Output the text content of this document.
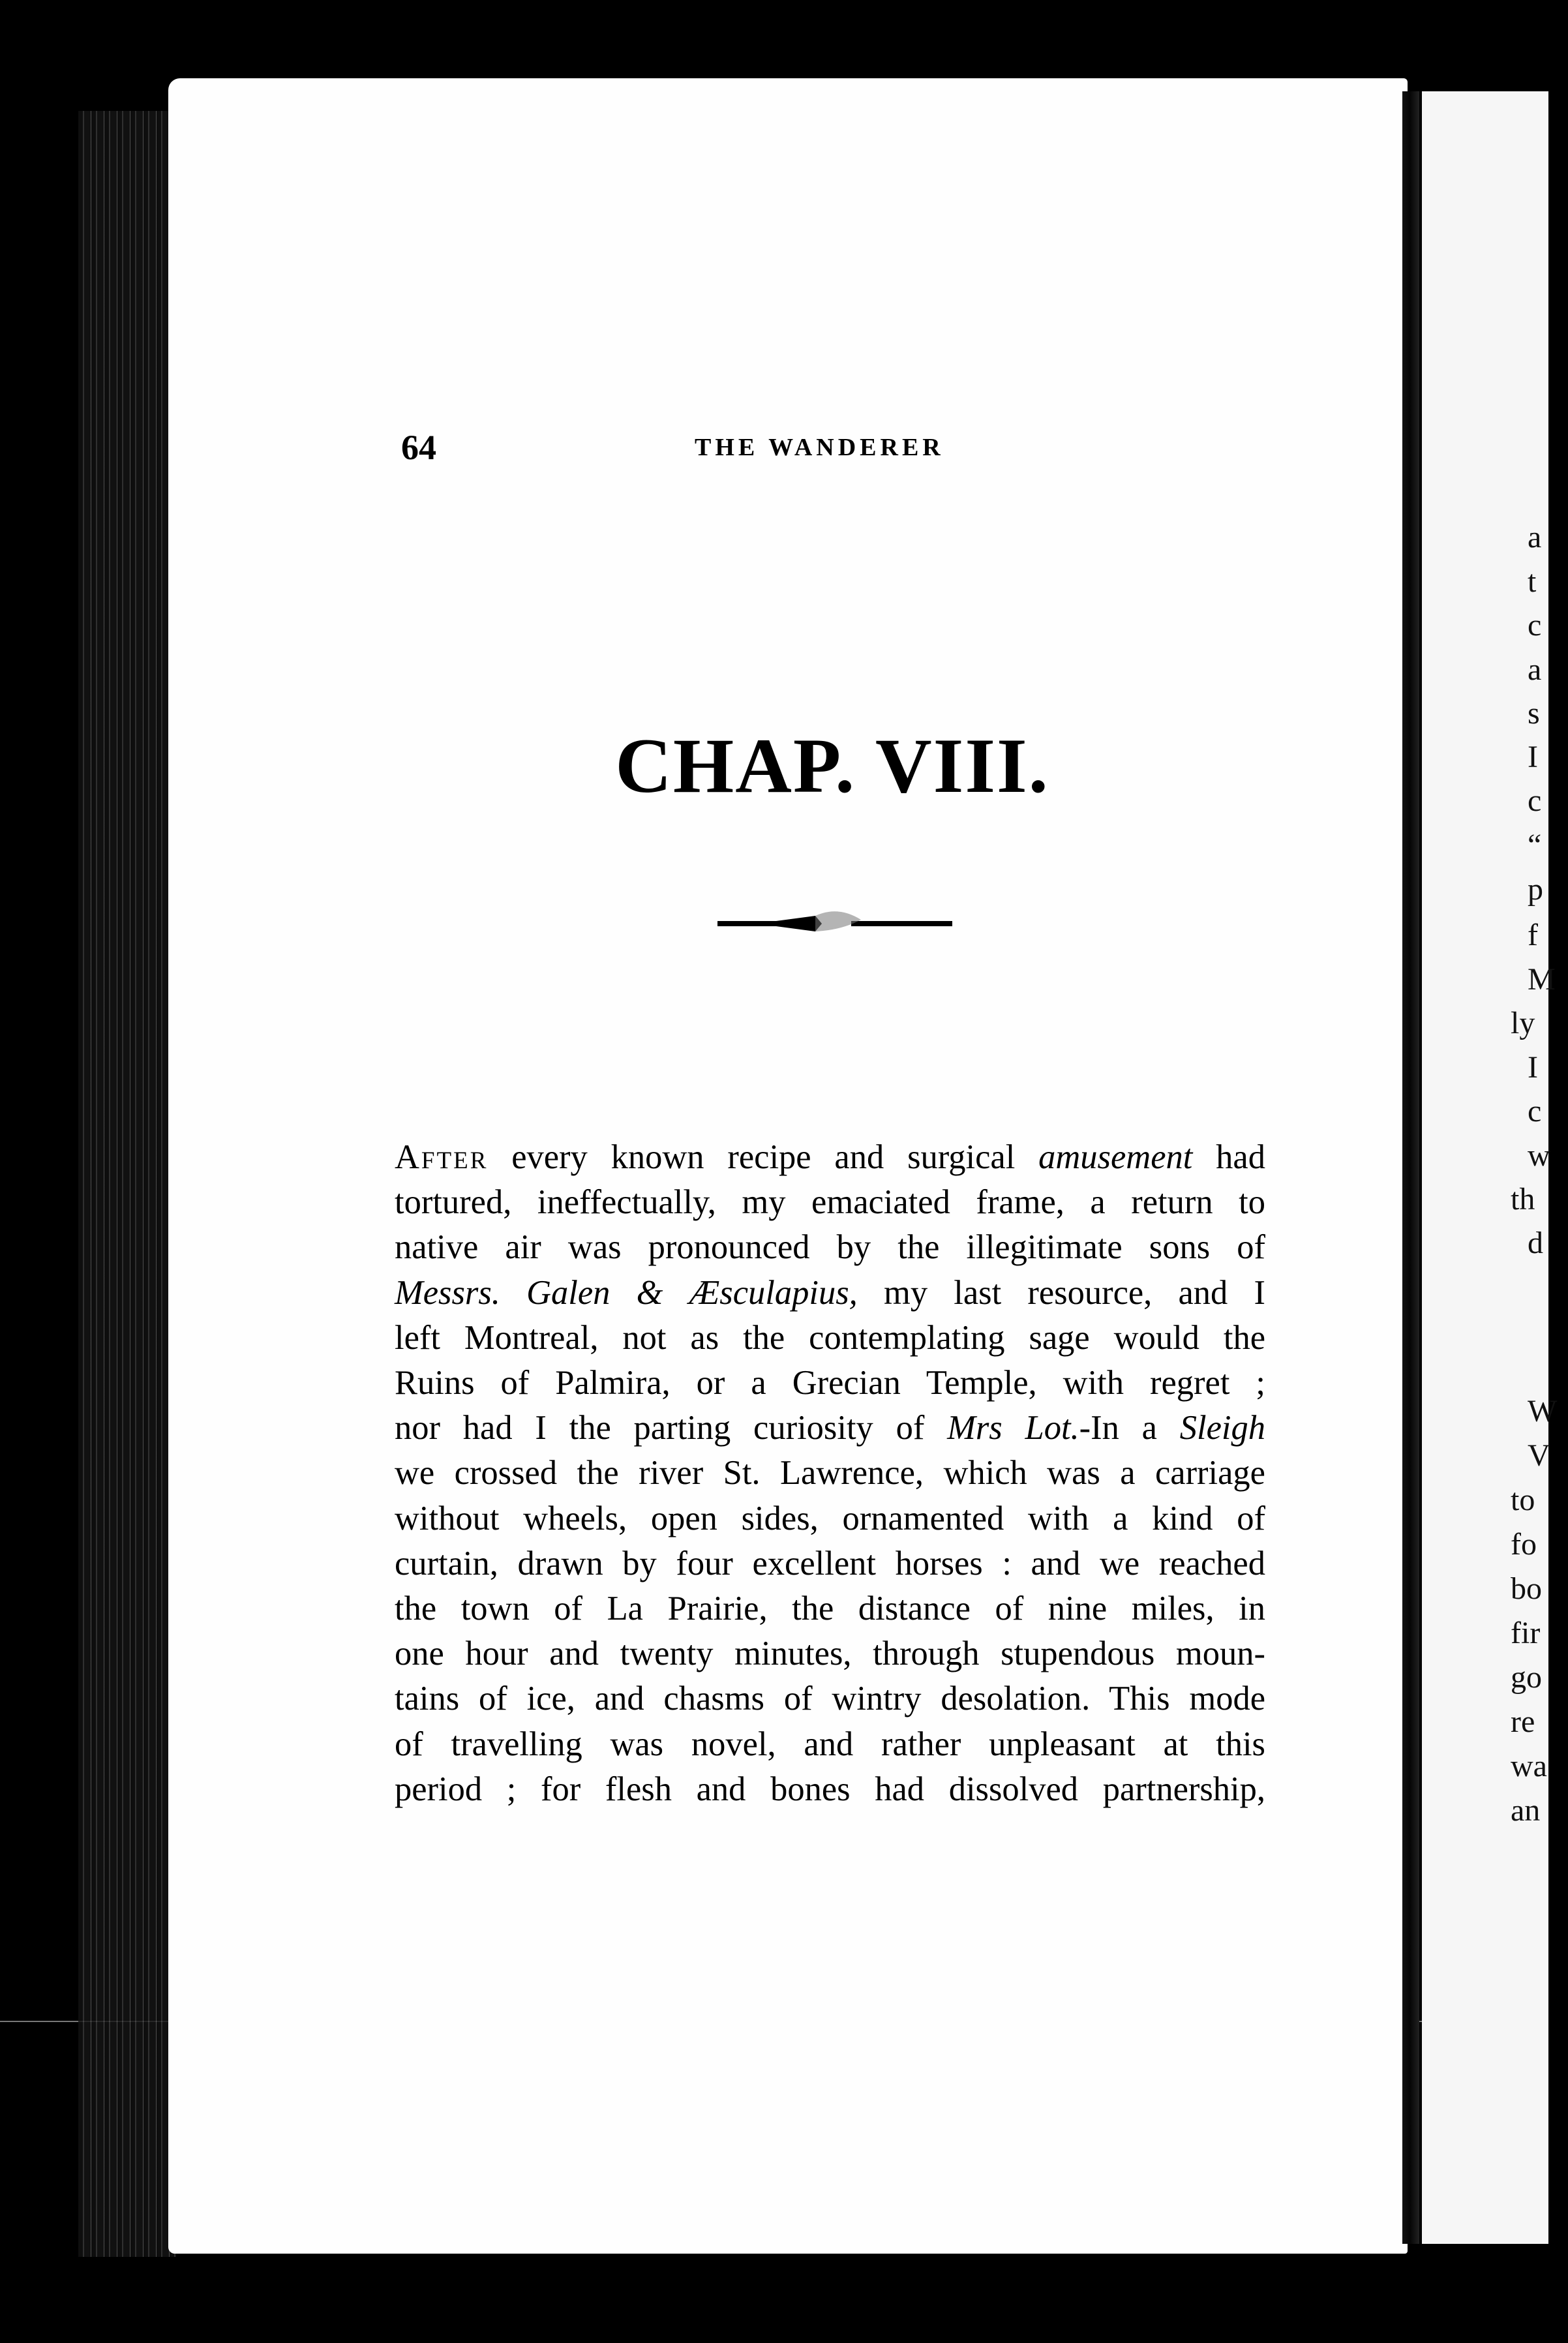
a
t
c
a
s
I
c
“
p
f
M
ly
I
c
w
th
d
W
V
to
fo
bo
fir
go
re
wa
an
64	THE WANDERER
CHAP. VIII.
After every known recipe and surgical amusement had
tortured, ineffectually, my emaciated frame, a return to
native air was pronounced by the illegitimate sons of
Messrs. Galen & Æsculapius, my last resource, and I
left Montreal, not as the contemplating sage would the
Ruins of Palmira, or a Grecian Temple, with regret ;
nor had I the parting curiosity of Mrs Lot.-In a Sleigh
we crossed the river St. Lawrence, which was a carriage
without wheels, open sides, ornamented with a kind of
curtain, drawn by four excellent horses : and we reached
the town of La Prairie, the distance of nine miles, in
one hour and twenty minutes, through stupendous moun-
tains of ice, and chasms of wintry desolation. This mode
of travelling was novel, and rather unpleasant at this
period ; for flesh and bones had dissolved partnership,
